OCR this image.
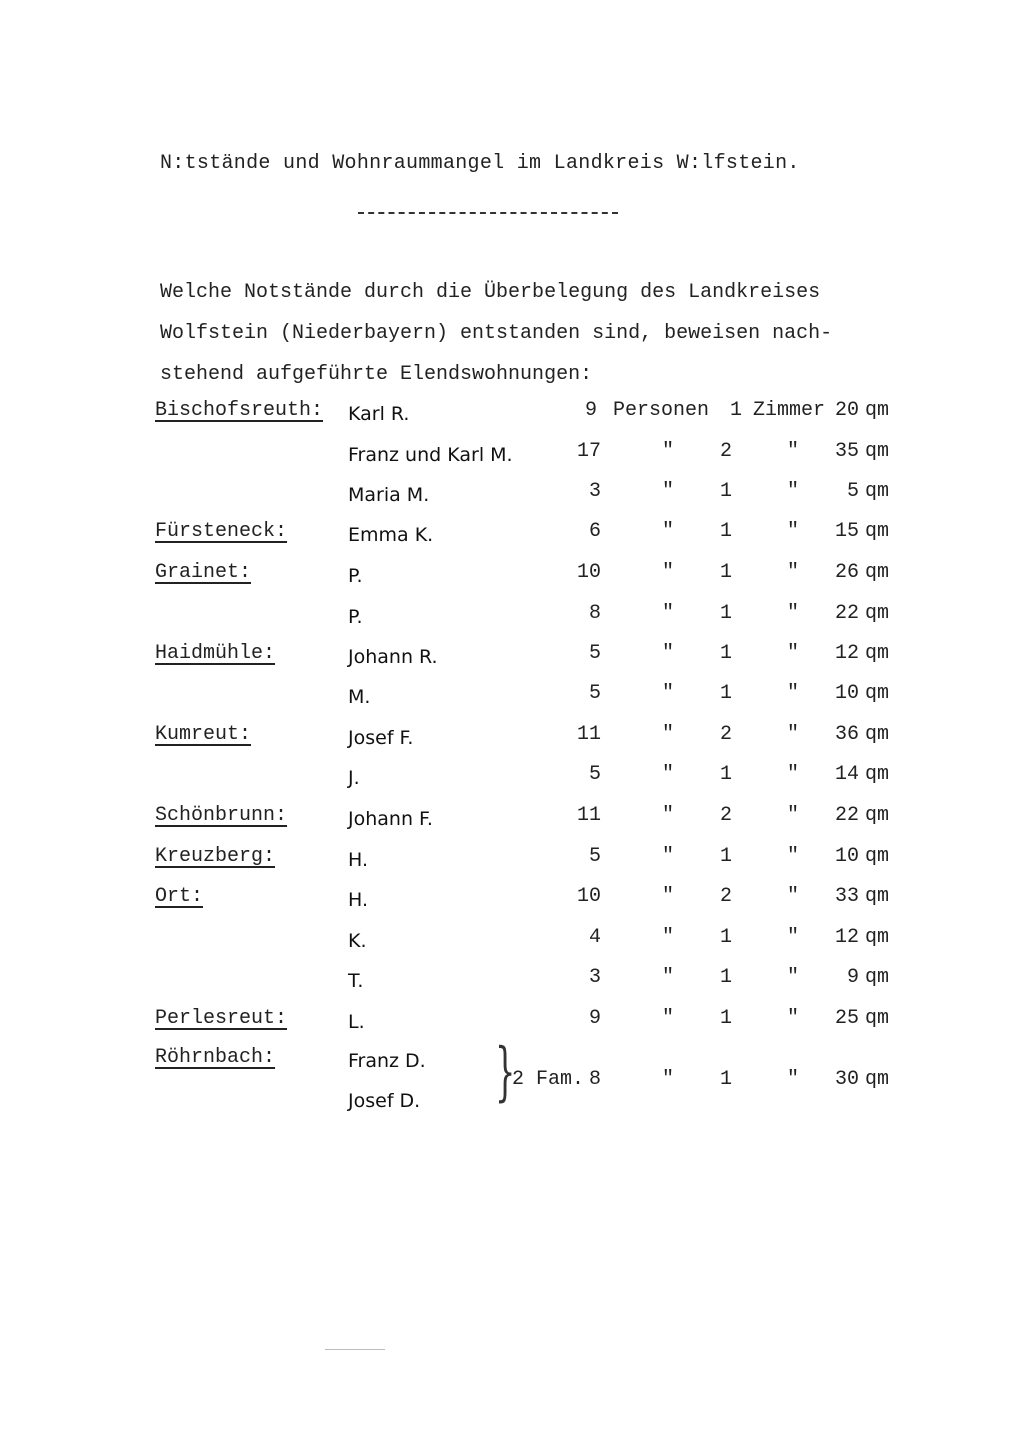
N:tstände und Wohnraummangel im Landkreis W:lfstein.
Welche Notstände durch die Überbelegung des Landkreises
Wolfstein (Niederbayern) entstanden sind, beweisen nach-
stehend aufgeführte Elendswohnungen:
Bischofsreuth: Karl R.	9 Personen	1 Zimmer 20 qm
Franz und Karl M.	17	"	2	"	35 qm
Maria M.	3	"	1	"	5 qm
Fürsteneck:	Emma K.	6	"	1	"	15 qm
Grainet:	P.	10	"	1	"	26 qm
P.	8	"	1	"	22 qm
Haidmühle:	Johann R.	5	"	1	"	12 qm
M.	5	"	1	"	10 qm
Kumreut:	Josef F.	11	"	2	"	36 qm
J.	5	"	1	"	14 qm
Schönbrunn:	Johann F.	11	"	2	"	22 qm
Kreuzberg:	H.	5	"	1	"	10 qm
Ort:	H.	10	"	2	"	33 qm
K.	4	"	1	"	12 qm
T.	3	"	1	"	9 qm
Perlesreut:	L.	9	"	1	"	25 qm
Röhrnbach:	Franz D.
Josef D. }
2 Fam. 8	"	1	"	30 qm
